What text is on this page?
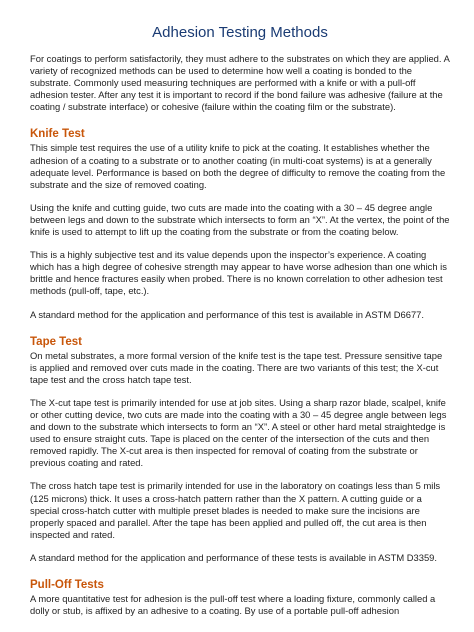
Adhesion Testing Methods

For coatings to perform satisfactorily, they must adhere to the substrates on which they are applied. A variety of recognized methods can be used to determine how well a coating is bonded to the substrate. Commonly used measuring techniques are performed with a knife or with a pull-off adhesion tester. After any test it is important to record if the bond failure was adhesive (failure at the coating / substrate interface) or cohesive (failure within the coating film or the substrate).

Knife Test

This simple test requires the use of a utility knife to pick at the coating. It establishes whether the adhesion of a coating to a substrate or to another coating (in multi-coat systems) is at a generally adequate level. Performance is based on both the degree of difficulty to remove the coating from the substrate and the size of removed coating.

Using the knife and cutting guide, two cuts are made into the coating with a 30 – 45 degree angle between legs and down to the substrate which intersects to form an “X”. At the vertex, the point of the knife is used to attempt to lift up the coating from the substrate or from the coating below.

This is a highly subjective test and its value depends upon the inspector’s experience. A coating which has a high degree of cohesive strength may appear to have worse adhesion than one which is brittle and hence fractures easily when probed. There is no known correlation to other adhesion test methods (pull-off, tape, etc.).

A standard method for the application and performance of this test is available in ASTM D6677.

Tape Test

On metal substrates, a more formal version of the knife test is the tape test. Pressure sensitive tape is applied and removed over cuts made in the coating. There are two variants of this test; the X-cut tape test and the cross hatch tape test.

The X-cut tape test is primarily intended for use at job sites. Using a sharp razor blade, scalpel, knife or other cutting device, two cuts are made into the coating with a 30 – 45 degree angle between legs and down to the substrate which intersects to form an “X”. A steel or other hard metal straightedge is used to ensure straight cuts. Tape is placed on the center of the intersection of the cuts and then removed rapidly. The X-cut area is then inspected for removal of coating from the substrate or previous coating and rated.

The cross hatch tape test is primarily intended for use in the laboratory on coatings less than 5 mils (125 microns) thick. It uses a cross-hatch pattern rather than the X pattern. A cutting guide or a special cross-hatch cutter with multiple preset blades is needed to make sure the incisions are properly spaced and parallel. After the tape has been applied and pulled off, the cut area is then inspected and rated.

A standard method for the application and performance of these tests is available in ASTM D3359.

Pull-Off Tests

A more quantitative test for adhesion is the pull-off test where a loading fixture, commonly called a dolly or stub, is affixed by an adhesive to a coating. By use of a portable pull-off adhesion
